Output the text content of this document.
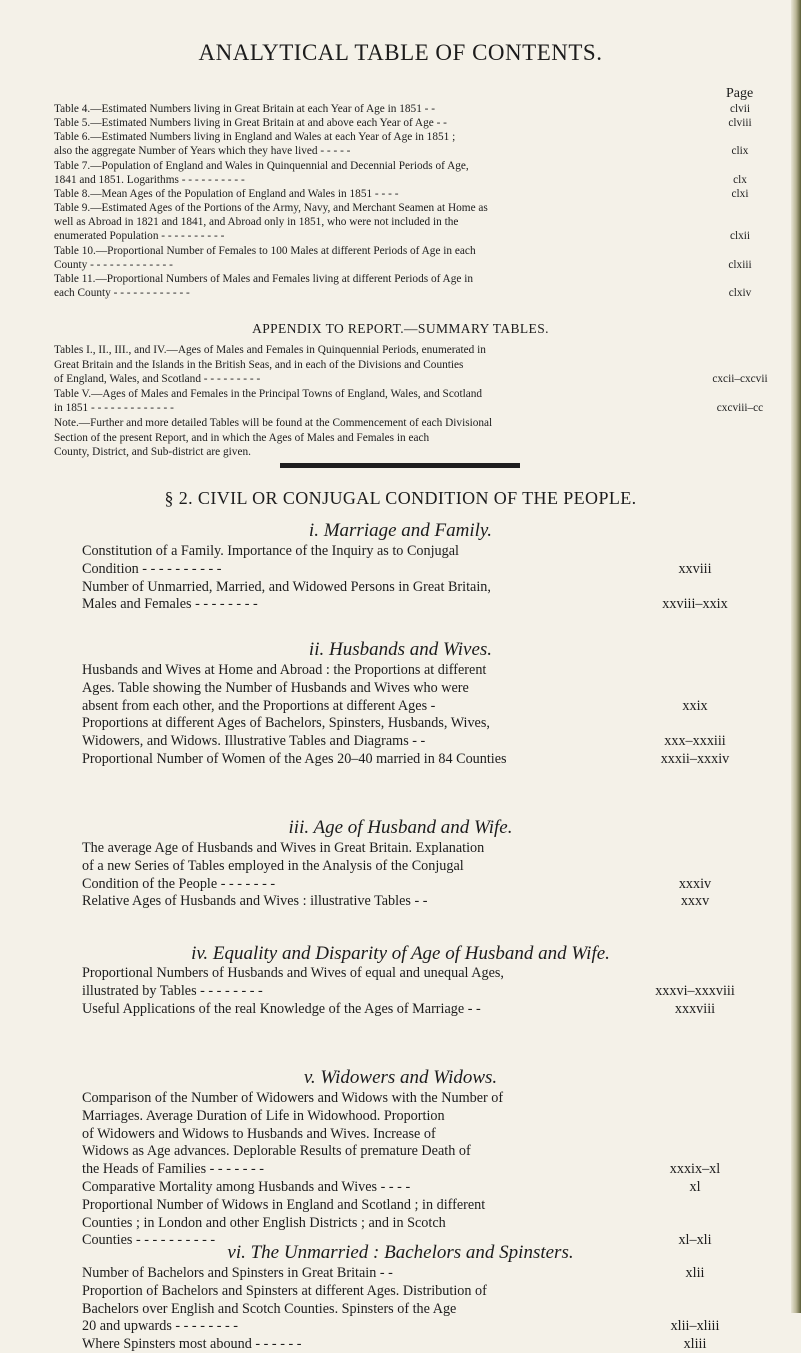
ANALYTICAL TABLE OF CONTENTS.
Page
Table 4.—Estimated Numbers living in Great Britain at each Year of Age in 1851 - -	clvii
Table 5.—Estimated Numbers living in Great Britain at and above each Year of Age - -	clviii
Table 6.—Estimated Numbers living in England and Wales at each Year of Age in 1851 ;
also the aggregate Number of Years which they have lived - - - - -	clix
Table 7.—Population of England and Wales in Quinquennial and Decennial Periods of Age,
1841 and 1851. Logarithms - - - - - - - - - -	clx
Table 8.—Mean Ages of the Population of England and Wales in 1851 - - - -	clxi
Table 9.—Estimated Ages of the Portions of the Army, Navy, and Merchant Seamen at Home as
well as Abroad in 1821 and 1841, and Abroad only in 1851, who were not included in the
enumerated Population - - - - - - - - - -	clxii
Table 10.—Proportional Number of Females to 100 Males at different Periods of Age in each
County - - - - - - - - - - - - -	clxiii
Table 11.—Proportional Numbers of Males and Females living at different Periods of Age in
each County - - - - - - - - - - - -	clxiv
APPENDIX TO REPORT.—SUMMARY TABLES.
Tables I., II., III., and IV.—Ages of Males and Females in Quinquennial Periods, enumerated in
Great Britain and the Islands in the British Seas, and in each of the Divisions and Counties
of England, Wales, and Scotland - - - - - - - - -	cxcii–cxcvii
Table V.—Ages of Males and Females in the Principal Towns of England, Wales, and Scotland
in 1851 - - - - - - - - - - - - -	cxcviii–cc
Note.—Further and more detailed Tables will be found at the Commencement of each Divisional
Section of the present Report, and in which the Ages of Males and Females in each
County, District, and Sub-district are given.
§ 2. CIVIL OR CONJUGAL CONDITION OF THE PEOPLE.
i. Marriage and Family.
Constitution of a Family. Importance of the Inquiry as to Conjugal
Condition - - - - - - - - - -	xxviii
Number of Unmarried, Married, and Widowed Persons in Great Britain,
Males and Females - - - - - - - -	xxviii–xxix
ii. Husbands and Wives.
Husbands and Wives at Home and Abroad : the Proportions at different
Ages. Table showing the Number of Husbands and Wives who were
absent from each other, and the Proportions at different Ages -	xxix
Proportions at different Ages of Bachelors, Spinsters, Husbands, Wives,
Widowers, and Widows. Illustrative Tables and Diagrams - -	xxx–xxxiii
Proportional Number of Women of the Ages 20–40 married in 84 Counties	xxxii–xxxiv
iii. Age of Husband and Wife.
The average Age of Husbands and Wives in Great Britain. Explanation
of a new Series of Tables employed in the Analysis of the Conjugal
Condition of the People - - - - - - -	xxxiv
Relative Ages of Husbands and Wives : illustrative Tables - -	xxxv
iv. Equality and Disparity of Age of Husband and Wife.
Proportional Numbers of Husbands and Wives of equal and unequal Ages,
illustrated by Tables - - - - - - - -	xxxvi–xxxviii
Useful Applications of the real Knowledge of the Ages of Marriage - -	xxxviii
v. Widowers and Widows.
Comparison of the Number of Widowers and Widows with the Number of
Marriages. Average Duration of Life in Widowhood. Proportion
of Widowers and Widows to Husbands and Wives. Increase of
Widows as Age advances. Deplorable Results of premature Death of
the Heads of Families - - - - - - -	xxxix–xl
Comparative Mortality among Husbands and Wives - - - -	xl
Proportional Number of Widows in England and Scotland ; in different
Counties ; in London and other English Districts ; and in Scotch
Counties - - - - - - - - - -	xl–xli
vi. The Unmarried : Bachelors and Spinsters.
Number of Bachelors and Spinsters in Great Britain - -	xlii
Proportion of Bachelors and Spinsters at different Ages. Distribution of
Bachelors over English and Scotch Counties. Spinsters of the Age
20 and upwards - - - - - - - -	xlii–xliii
Where Spinsters most abound - - - - - -	xliii
